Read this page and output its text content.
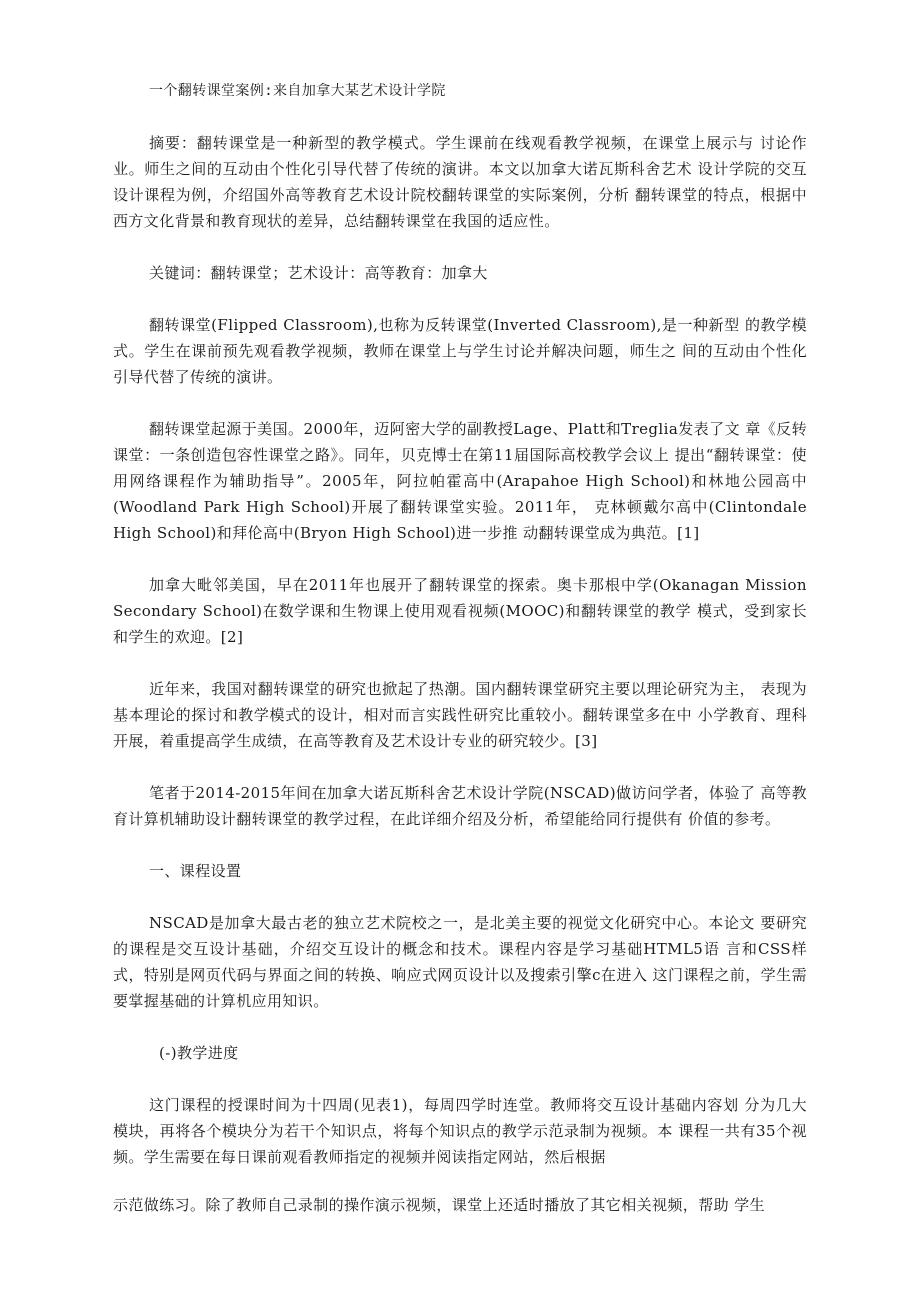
一个翻转课堂案例:来自加拿大某艺术设计学院

摘要：翻转课堂是一种新型的教学模式。学生课前在线观看教学视频，在课堂上展示与 讨论作业。师生之间的互动由个性化引导代替了传统的演讲。本文以加拿大诺瓦斯科舍艺术 设计学院的交互设计课程为例，介绍国外高等教育艺术设计院校翻转课堂的实际案例，分析 翻转课堂的特点，根据中西方文化背景和教育现状的差异，总结翻转课堂在我国的适应性。

关键词：翻转课堂；艺术设计：高等教育：加拿大

翻转课堂(Flipped Classroom),也称为反转课堂(Inverted Classroom),是一种新型 的教学模式。学生在课前预先观看教学视频，教师在课堂上与学生讨论并解决问题，师生之 间的互动由个性化引导代替了传统的演讲。

翻转课堂起源于美国。2000年，迈阿密大学的副教授Lage、Platt和Treglia发表了文 章《反转课堂：一条创造包容性课堂之路》。同年，贝克博士在第11届国际高校教学会议上 提出“翻转课堂：使用网络课程作为辅助指导”。2005年，阿拉帕霍高中(Arapahoe High School)和林地公园高中(Woodland Park High School)开展了翻转课堂实验。2011年， 克林顿戴尔高中(Clintondale High School)和拜伦高中(Bryon High School)进一步推 动翻转课堂成为典范。[1]

加拿大毗邻美国，早在2011年也展开了翻转课堂的探索。奥卡那根中学(Okanagan Mission Secondary School)在数学课和生物课上使用观看视频(MOOC)和翻转课堂的教学 模式，受到家长和学生的欢迎。[2]

近年来，我国对翻转课堂的研究也掀起了热潮。国内翻转课堂研究主要以理论研究为主， 表现为基本理论的探讨和教学模式的设计，相对而言实践性研究比重较小。翻转课堂多在中 小学教育、理科开展，着重提高学生成绩，在高等教育及艺术设计专业的研究较少。[3]

笔者于2014-2015年间在加拿大诺瓦斯科舍艺术设计学院(NSCAD)做访问学者，体验了 高等教育计算机辅助设计翻转课堂的教学过程，在此详细介绍及分析，希望能给同行提供有 价值的参考。

一、课程设置

NSCAD是加拿大最古老的独立艺术院校之一，是北美主要的视觉文化研究中心。本论文 要研究的课程是交互设计基础，介绍交互设计的概念和技术。课程内容是学习基础HTML5语 言和CSS样式，特别是网页代码与界面之间的转换、响应式网页设计以及搜索引擎c在进入 这门课程之前，学生需要掌握基础的计算机应用知识。

(-)教学进度

这门课程的授课时间为十四周(见表1)，每周四学时连堂。教师将交互设计基础内容划 分为几大模块，再将各个模块分为若干个知识点，将每个知识点的教学示范录制为视频。本 课程一共有35个视频。学生需要在每日课前观看教师指定的视频并阅读指定网站，然后根据

示范做练习。除了教师自己录制的操作演示视频，课堂上还适时播放了其它相关视频，帮助 学生
